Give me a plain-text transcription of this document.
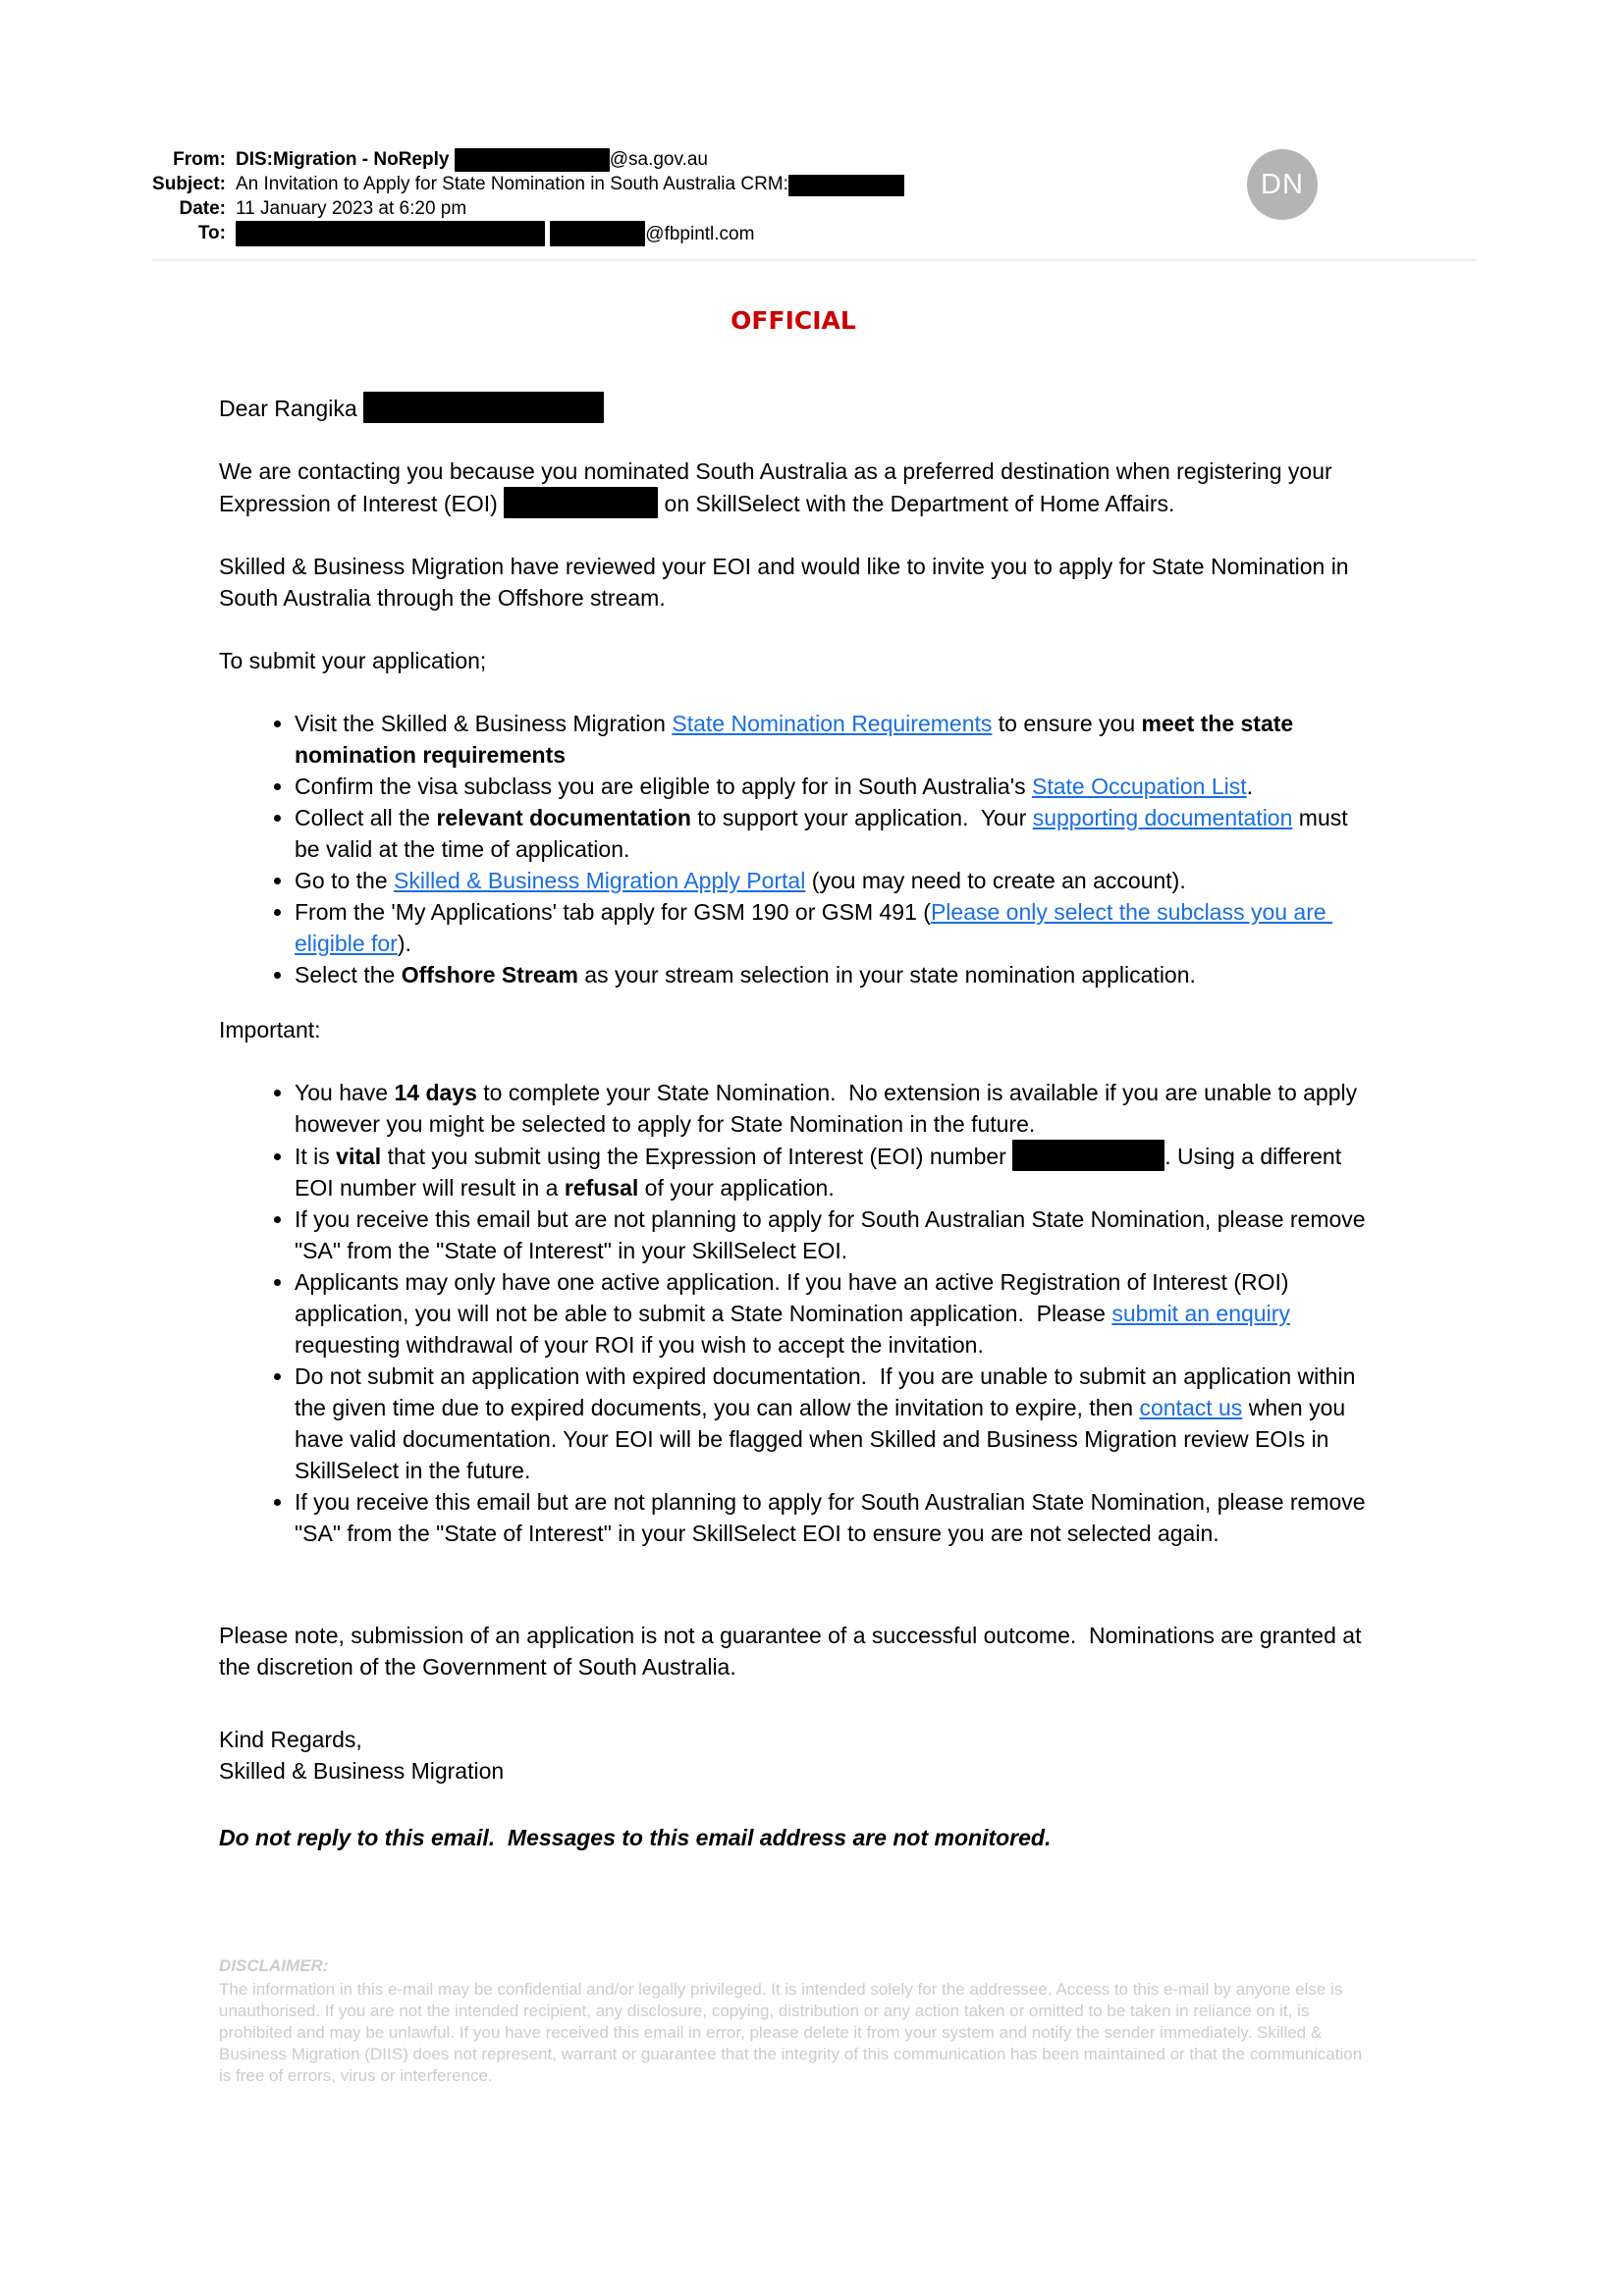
From: DIS:Migration - NoReply	@sa.gov.au
Subject: An Invitation to Apply for State Nomination in South Australia CRM:
Date: 11 January 2023 at 6:20 pm
To:	@fbpintl.com
DN
OFFICIAL

Dear Rangika

We are contacting you because you nominated South Australia as a preferred destination when registering your Expression of Interest (EOI)	on SkillSelect with the Department of Home Affairs.

Skilled & Business Migration have reviewed your EOI and would like to invite you to apply for State Nomination in South Australia through the Offshore stream.

To submit your application;

• Visit the Skilled & Business Migration State Nomination Requirements to ensure you meet the state nomination requirements
• Confirm the visa subclass you are eligible to apply for in South Australia's State Occupation List.
• Collect all the relevant documentation to support your application.  Your supporting documentation must be valid at the time of application.
• Go to the Skilled & Business Migration Apply Portal (you may need to create an account).
• From the 'My Applications' tab apply for GSM 190 or GSM 491 (Please only select the subclass you are eligible for).
• Select the Offshore Stream as your stream selection in your state nomination application.

Important:

• You have 14 days to complete your State Nomination.  No extension is available if you are unable to apply however you might be selected to apply for State Nomination in the future.
• It is vital that you submit using the Expression of Interest (EOI) number	. Using a different EOI number will result in a refusal of your application.
• If you receive this email but are not planning to apply for South Australian State Nomination, please remove "SA" from the "State of Interest" in your SkillSelect EOI.
• Applicants may only have one active application. If you have an active Registration of Interest (ROI) application, you will not be able to submit a State Nomination application.  Please submit an enquiry requesting withdrawal of your ROI if you wish to accept the invitation.
• Do not submit an application with expired documentation.  If you are unable to submit an application within the given time due to expired documents, you can allow the invitation to expire, then contact us when you have valid documentation. Your EOI will be flagged when Skilled and Business Migration review EOIs in SkillSelect in the future.
• If you receive this email but are not planning to apply for South Australian State Nomination, please remove "SA" from the "State of Interest" in your SkillSelect EOI to ensure you are not selected again.

Please note, submission of an application is not a guarantee of a successful outcome.  Nominations are granted at the discretion of the Government of South Australia.

Kind Regards,
Skilled & Business Migration

Do not reply to this email.  Messages to this email address are not monitored.

DISCLAIMER:

The information in this e-mail may be confidential and/or legally privileged. It is intended solely for the addressee. Access to this e-mail by anyone else is unauthorised. If you are not the intended recipient, any disclosure, copying, distribution or any action taken or omitted to be taken in reliance on it, is prohibited and may be unlawful. If you have received this email in error, please delete it from your system and notify the sender immediately. Skilled & Business Migration (DIIS) does not represent, warrant or guarantee that the integrity of this communication has been maintained or that the communication is free of errors, virus or interference.
